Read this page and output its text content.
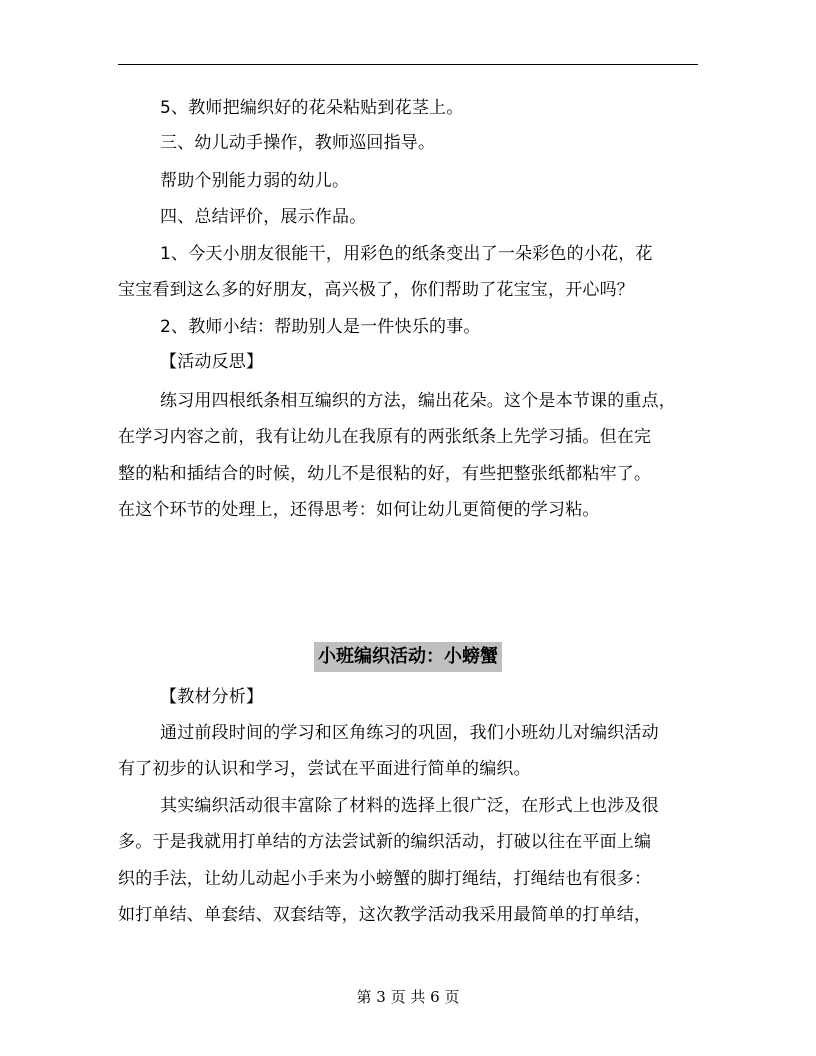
5、教师把编织好的花朵粘贴到花茎上。
三、幼儿动手操作，教师巡回指导。
帮助个别能力弱的幼儿。
四、总结评价，展示作品。
1、今天小朋友很能干，用彩色的纸条变出了一朵彩色的小花，花
宝宝看到这么多的好朋友，高兴极了，你们帮助了花宝宝，开心吗？
2、教师小结：帮助别人是一件快乐的事。
【活动反思】
练习用四根纸条相互编织的方法，编出花朵。这个是本节课的重点，
在学习内容之前，我有让幼儿在我原有的两张纸条上先学习插。但在完
整的粘和插结合的时候，幼儿不是很粘的好，有些把整张纸都粘牢了。
在这个环节的处理上，还得思考：如何让幼儿更简便的学习粘。
小班编织活动：小螃蟹
【教材分析】
通过前段时间的学习和区角练习的巩固，我们小班幼儿对编织活动
有了初步的认识和学习，尝试在平面进行简单的编织。
其实编织活动很丰富除了材料的选择上很广泛，在形式上也涉及很
多。于是我就用打单结的方法尝试新的编织活动，打破以往在平面上编
织的手法，让幼儿动起小手来为小螃蟹的脚打绳结，打绳结也有很多：
如打单结、单套结、双套结等，这次教学活动我采用最简单的打单结，
第 3 页 共 6 页
